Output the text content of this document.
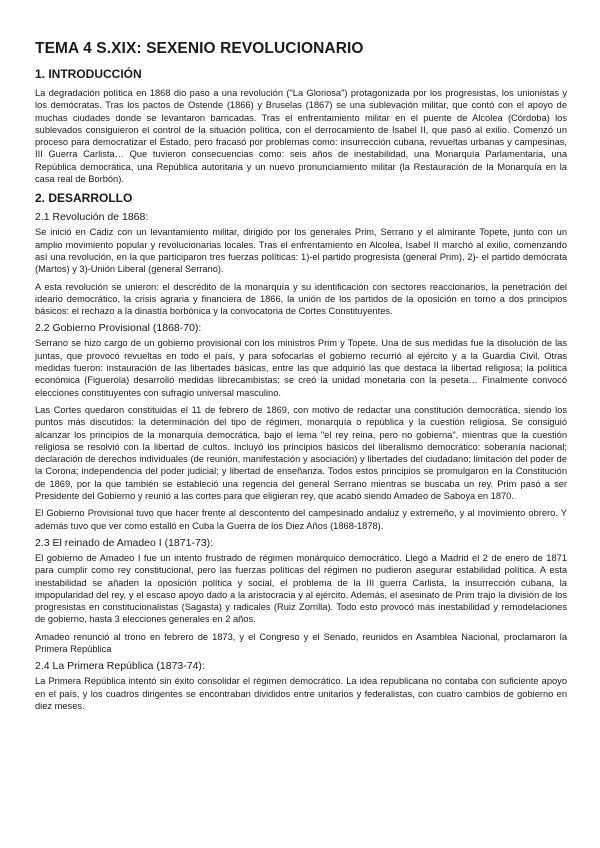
TEMA 4 S.XIX: SEXENIO REVOLUCIONARIO
1. INTRODUCCIÓN

La degradación política en 1868 dio paso a una revolución ("La Gloriosa") protagonizada por los progresistas, los unionistas y los demócratas. Tras los pactos de Ostende (1866) y Bruselas (1867) se una sublevación militar, que contó con el apoyo de muchas ciudades donde se levantaron barricadas. Tras el enfrentamiento militar en el puente de Alcolea (Córdoba) los sublevados consiguieron el control de la situación política, con el derrocamiento de Isabel II, que pasó al exilio. Comenzó un proceso para democratizar el Estado, pero fracasó por problemas como: insurrección cubana, revueltas urbanas y campesinas, III Guerra Carlista… Que tuvieron consecuencias como: seis años de inestabilidad, una Monarquía Parlamentaria, una República democrática, una República autoritaria y un nuevo pronunciamiento militar (la Restauración de la Monarquía en la casa real de Borbón).

2. DESARROLLO
2.1 Revolución de 1868:

Se inició en Cádiz con un levantamiento militar, dirigido por los generales Prim, Serrano y el almirante Topete, junto con un amplio movimiento popular y revolucionarias locales. Tras el enfrentamiento en Alcolea, Isabel II marchó al exilio, comenzando así una revolución, en la que participaron tres fuerzas políticas: 1)-el partido progresista (general Prim), 2)- el partido demócrata (Martos) y 3)-Unión Liberal (general Serrano).

A esta revolución se unieron: el descrédito de la monarquía y su identificación con sectores reaccionarios, la penetración del ideario democrático, la crisis agraria y financiera de 1866, la unión de los partidos de la oposición en torno a dos principios básicos: el rechazo a la dinastía borbónica y la convocatoria de Cortes Constituyentes.

2.2 Gobierno Provisional (1868-70):

Serrano se hizo cargo de un gobierno provisional con los ministros Prim y Topete. Una de sus medidas fue la disolución de las juntas, que provocó revueltas en todo el país, y para sofocarlas el gobierno recurrió al ejército y a la Guardia Civil. Otras medidas fueron: instauración de las libertades básicas, entre las que adquirió las que destaca la libertad religiosa; la política económica (Figuerola) desarrolló medidas librecambistas; se creó la unidad monetaria con la peseta… Finalmente convocó elecciones constituyentes con sufragio universal masculino.

Las Cortes quedaron constituidas el 11 de febrero de 1869, con motivo de redactar una constitución democrática, siendo los puntos más discutidos: la determinación del tipo de régimen, monarquía o república y la cuestión religiosa. Se consiguió alcanzar los principios de la monarquía democrática, bajo el lema "el rey reina, pero no gobierna", mientras que la cuestión religiosa se resolvió con la libertad de cultos. Incluyó los principios básicos del liberalismo democrático: soberanía nacional; declaración de derechos individuales (de reunión, manifestación y asociación) y libertades del ciudadano; limitación del poder de la Corona; independencia del poder judicial; y libertad de enseñanza. Todos estos principios se promulgaron en la Constitución de 1869, por la que también se estableció una regencia del general Serrano mientras se buscaba un rey. Prim pasó a ser Presidente del Gobierno y reunió a las cortes para que eligieran rey, que acabó siendo Amadeo de Saboya en 1870.

El Gobierno Provisional tuvo que hacer frente al descontento del campesinado andaluz y extremeño, y al movimiento obrero. Y además tuvo que ver como estalló en Cuba la Guerra de los Diez Años (1868-1878).

2.3 El reinado de Amadeo I (1871-73):

El gobierno de Amadeo I fue un intento frustrado de régimen monárquico democrático. Llegó a Madrid el 2 de enero de 1871 para cumplir como rey constitucional, pero las fuerzas políticas del régimen no pudieron asegurar estabilidad política. A esta inestabilidad se añaden la oposición política y social, el problema de la III guerra Carlista, la insurrección cubana, la impopularidad del rey, y el escaso apoyo dado a la aristocracia y al ejército. Además, el asesinato de Prim trajo la división de los progresistas en constitucionalistas (Sagasta) y radicales (Ruiz Zorrilla). Todo esto provocó más inestabilidad y remodelaciones de gobierno, hasta 3 elecciones generales en 2 años.

Amadeo renunció al trono en febrero de 1873, y el Congreso y el Senado, reunidos en Asamblea Nacional, proclamaron la Primera República

2.4 La Primera República (1873-74):

La Primera República intentó sin éxito consolidar el régimen democrático. La idea republicana no contaba con suficiente apoyo en el país, y los cuadros dirigentes se encontraban divididos entre unitarios y federalistas, con cuatro cambios de gobierno en diez meses.
